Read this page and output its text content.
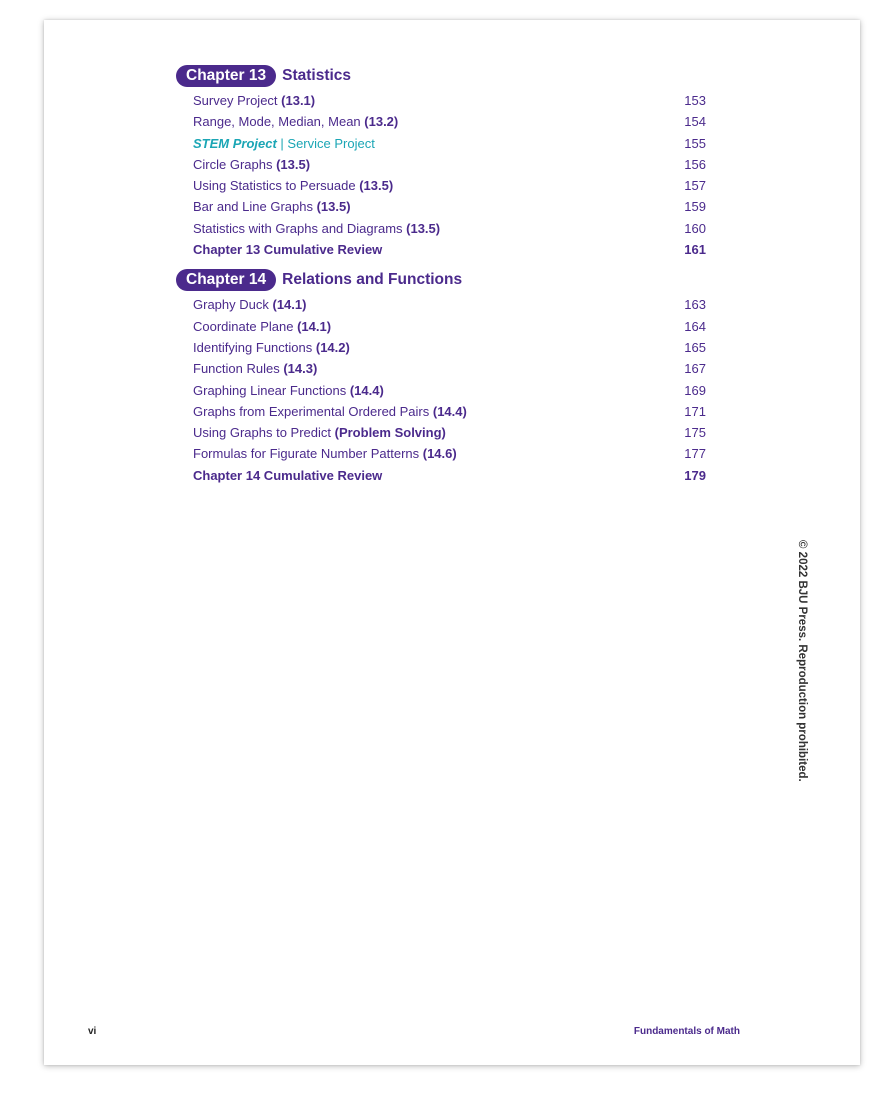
Chapter 13	Statistics
Survey Project (13.1)	153
Range, Mode, Median, Mean (13.2)	154
STEM Project | Service Project	155
Circle Graphs (13.5)	156
Using Statistics to Persuade (13.5)	157
Bar and Line Graphs (13.5)	159
Statistics with Graphs and Diagrams (13.5)	160
Chapter 13 Cumulative Review	161
Chapter 14	Relations and Functions
Graphy Duck (14.1)	163
Coordinate Plane (14.1)	164
Identifying Functions (14.2)	165
Function Rules (14.3)	167
Graphing Linear Functions (14.4)	169
Graphs from Experimental Ordered Pairs (14.4)	171
Using Graphs to Predict (Problem Solving)	175
Formulas for Figurate Number Patterns (14.6)	177
Chapter 14 Cumulative Review	179
© 2022 BJU Press. Reproduction prohibited.
vi	Fundamentals of Math
